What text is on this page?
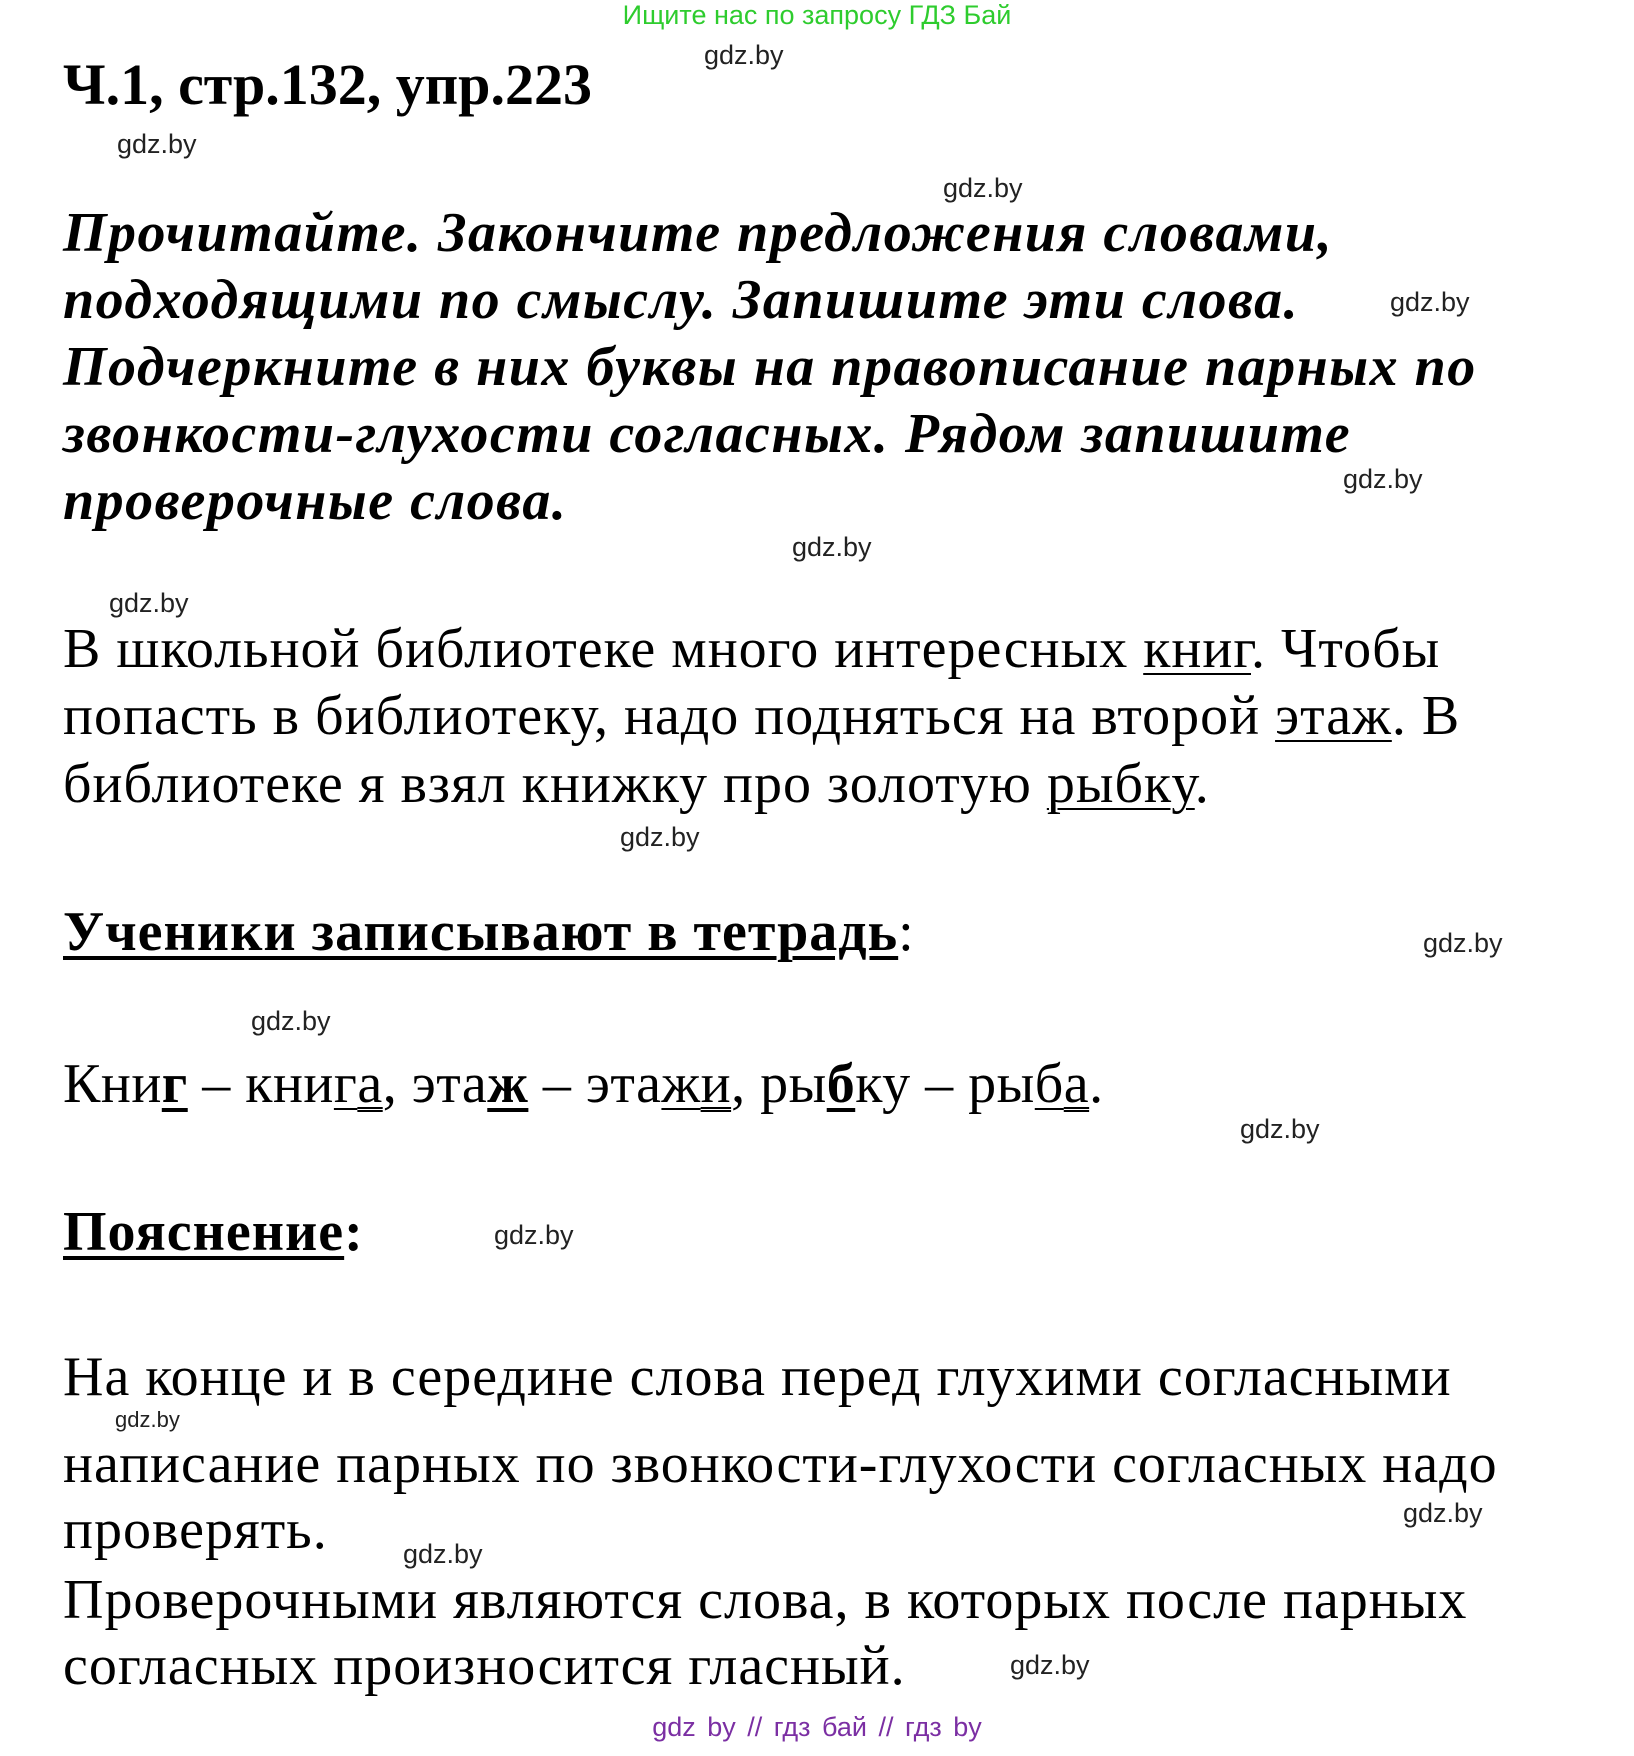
Ищите нас по запросу ГДЗ Бай
Ч.1, стр.132, упр.223
Прочитайте. Закончите предложения словами,
подходящими по смыслу. Запишите эти слова.
Подчеркните в них буквы на правописание парных по
звонкости-глухости согласных. Рядом запишите
проверочные слова.
В школьной библиотеке много интересных книг. Чтобы
попасть в библиотеку, надо подняться на второй этаж. В
библиотеке я взял книжку про золотую рыбку.
Ученики записывают в тетрадь:
Книг – книга, этаж – этажи, рыбку – рыба.
Пояснение:
На конце и в середине слова перед глухими согласными
написание парных по звонкости-глухости согласных надо
проверять.
Проверочными являются слова, в которых после парных
согласных произносится гласный.
gdz.by
gdz.by
gdz.by
gdz.by
gdz.by
gdz.by
gdz.by
gdz.by
gdz.by
gdz.by
gdz.by
gdz.by
gdz.by
gdz.by
gdz.by
gdz.by
gdz by // гдз бай // гдз by
